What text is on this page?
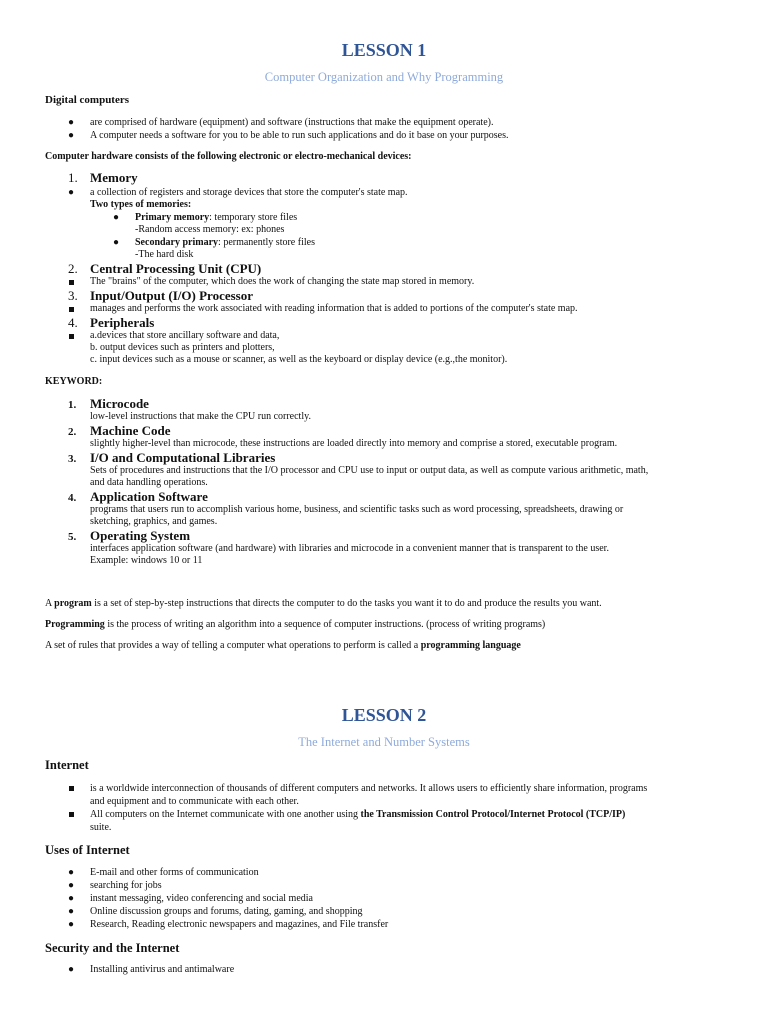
LESSON 1
Computer Organization and Why Programming
Digital computers
● are comprised of hardware (equipment) and software (instructions that make the equipment operate).
● A computer needs a software for you to be able to run such applications and do it base on your purposes.
Computer hardware consists of the following electronic or electro-mechanical devices:
1. Memory
● a collection of registers and storage devices that store the computer's state map.
Two types of memories:
● Primary memory: temporary store files
-Random access memory: ex: phones
● Secondary primary: permanently store files
-The hard disk
2. Central Processing Unit (CPU)
The "brains" of the computer, which does the work of changing the state map stored in memory.
3. Input/Output (I/O) Processor
manages and performs the work associated with reading information that is added to portions of the computer's state map.
4. Peripherals
a.devices that store ancillary software and data,
b. output devices such as printers and plotters,
c. input devices such as a mouse or scanner, as well as the keyboard or display device (e.g.,the monitor).
KEYWORD:
1. Microcode
low-level instructions that make the CPU run correctly.
2. Machine Code
slightly higher-level than microcode, these instructions are loaded directly into memory and comprise a stored, executable program.
3. I/O and Computational Libraries
Sets of procedures and instructions that the I/O processor and CPU use to input or output data, as well as compute various arithmetic, math,
and data handling operations.
4. Application Software
programs that users run to accomplish various home, business, and scientific tasks such as word processing, spreadsheets, drawing or
sketching, graphics, and games.
5. Operating System
interfaces application software (and hardware) with libraries and microcode in a convenient manner that is transparent to the user.
Example: windows 10 or 11
A program is a set of step-by-step instructions that directs the computer to do the tasks you want it to do and produce the results you want.
Programming is the process of writing an algorithm into a sequence of computer instructions. (process of writing programs)
A set of rules that provides a way of telling a computer what operations to perform is called a programming language
LESSON 2
The Internet and Number Systems
Internet
is a worldwide interconnection of thousands of different computers and networks. It allows users to efficiently share information, programs
and equipment and to communicate with each other.
All computers on the Internet communicate with one another using the Transmission Control Protocol/Internet Protocol (TCP/IP)
suite.
Uses of Internet
● E-mail and other forms of communication
● searching for jobs
● instant messaging, video conferencing and social media
● Online discussion groups and forums, dating, gaming, and shopping
● Research, Reading electronic newspapers and magazines, and File transfer
Security and the Internet
● Installing antivirus and antimalware
